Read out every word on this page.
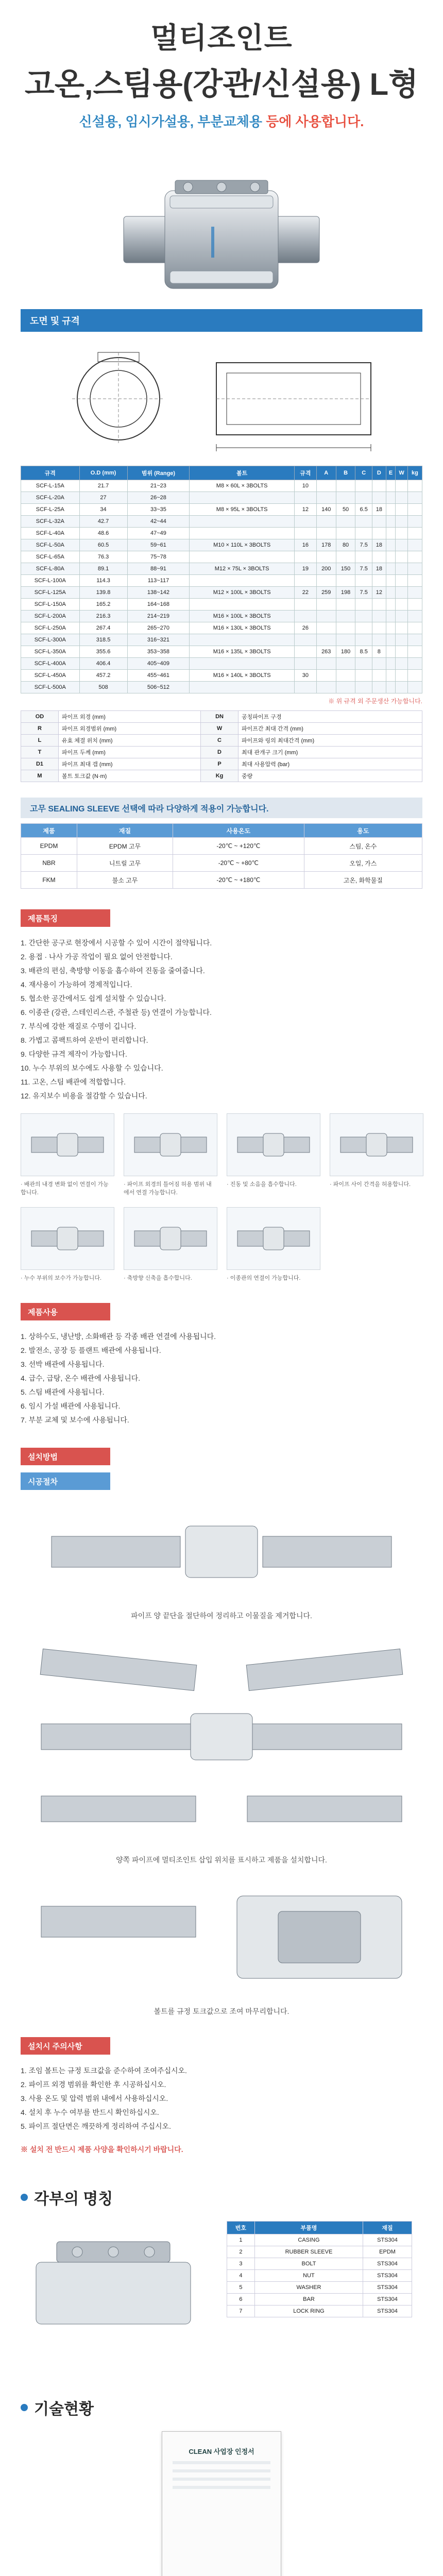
멀티조인트
고온,스팀용(강관/신설용) L형
신설용, 임시가설용, 부분교체용 등에 사용합니다.
도면 및 규격
규격	O.D (mm)	범위 (Range)	볼트	규격	A	B	C	D	E	W	kg
SCF-L-15A	21.7	21~23	M8 × 60L × 3BOLTS	10							
SCF-L-20A	27	26~28									
SCF-L-25A	34	33~35	M8 × 95L × 3BOLTS	12	140	50	6.5	18			
SCF-L-32A	42.7	42~44									
SCF-L-40A	48.6	47~49									
SCF-L-50A	60.5	59~61	M10 × 110L × 3BOLTS	16	178	80	7.5	18			
SCF-L-65A	76.3	75~78									
SCF-L-80A	89.1	88~91	M12 × 75L × 3BOLTS	19	200	150	7.5	18			
SCF-L-100A	114.3	113~117									
SCF-L-125A	139.8	138~142	M12 × 100L × 3BOLTS	22	259	198	7.5	12			
SCF-L-150A	165.2	164~168									
SCF-L-200A	216.3	214~219	M16 × 100L × 3BOLTS								
SCF-L-250A	267.4	265~270	M16 × 130L × 3BOLTS	26							
SCF-L-300A	318.5	316~321									
SCF-L-350A	355.6	353~358	M16 × 135L × 3BOLTS		263	180	8.5	8			
SCF-L-400A	406.4	405~409									
SCF-L-450A	457.2	455~461	M16 × 140L × 3BOLTS	30							
SCF-L-500A	508	506~512									
※ 위 규격 외 주문생산 가능합니다.
OD	파이프 외경 (mm)	DN	공칭파이프 구경
R	파이프 외경범위 (mm)	W	파이프간 최대 간격 (mm)
L	유효 체결 위치 (mm)	C	파이프와 링의 최대간격 (mm)
T	파이프 두께 (mm)	D	최대 관개구 크기 (mm)
D1	파이프 최대 갭 (mm)	P	최대 사용압력 (bar)
M	볼트 토크값 (N·m)	Kg	중량
고무 SEALING SLEEVE 선택에 따라 다양하게 적용이 가능합니다.
제품	재질	사용온도	용도
EPDM	EPDM 고무	-20℃ ~ +120℃	스팀, 온수
NBR	니트릴 고무	-20℃ ~ +80℃	오일, 가스
FKM	불소 고무	-20℃ ~ +180℃	고온, 화학물질
제품특징

1. 간단한 공구로 현장에서 시공할 수 있어 시간이 절약됩니다.

2. 용접 · 나사 가공 작업이 필요 없어 안전합니다.

3. 배관의 편심, 축방향 이동을 흡수하여 진동을 줄여줍니다.

4. 재사용이 가능하여 경제적입니다.

5. 협소한 공간에서도 쉽게 설치할 수 있습니다.

6. 이종관 (강관, 스테인리스관, 주철관 등) 연결이 가능합니다.

7. 부식에 강한 재질로 수명이 깁니다.

8. 가볍고 콤팩트하여 운반이 편리합니다.

9. 다양한 규격 제작이 가능합니다.

10. 누수 부위의 보수에도 사용할 수 있습니다.

11. 고온, 스팀 배관에 적합합니다.

12. 유지보수 비용을 절감할 수 있습니다.

· 배관의 내경 변화 없이 연결이 가능합니다.
· 파이프 외경의 틀어짐 허용 범위 내에서 연결 가능합니다.
· 진동 및 소음을 흡수합니다.	· 파이프 사이 간격을 허용합니다.
· 누수 부위의 보수가 가능합니다.	· 축방향 신축을 흡수합니다.	· 이종관의 연결이 가능합니다.
제품사용

1. 상하수도, 냉난방, 소화배관 등 각종 배관 연결에 사용됩니다.

2. 발전소, 공장 등 플랜트 배관에 사용됩니다.

3. 선박 배관에 사용됩니다.

4. 급수, 급탕, 온수 배관에 사용됩니다.

5. 스팀 배관에 사용됩니다.

6. 임시 가설 배관에 사용됩니다.

7. 부분 교체 및 보수에 사용됩니다.

설치방법
시공절차
파이프 양 끝단을 절단하여 정리하고 이물질을 제거합니다.
양쪽 파이프에 멀티조인트 삽입 위치를 표시하고 제품을 설치합니다.
볼트를 규정 토크값으로 조여 마무리합니다.
설치시 주의사항

1. 조임 볼트는 규정 토크값을 준수하여 조여주십시오.

2. 파이프 외경 범위를 확인한 후 시공하십시오.

3. 사용 온도 및 압력 범위 내에서 사용하십시오.

4. 설치 후 누수 여부를 반드시 확인하십시오.

5. 파이프 절단면은 깨끗하게 정리하여 주십시오.

※ 설치 전 반드시 제품 사양을 확인하시기 바랍니다.
각부의 명칭
번호	부품명	재질
1	CASING	STS304
2	RUBBER SLEEVE	EPDM
3	BOLT	STS304
4	NUT	STS304
5	WASHER	STS304
6	BAR	STS304
7	LOCK RING	STS304
기술현황
CLEAN 사업장 인정서
